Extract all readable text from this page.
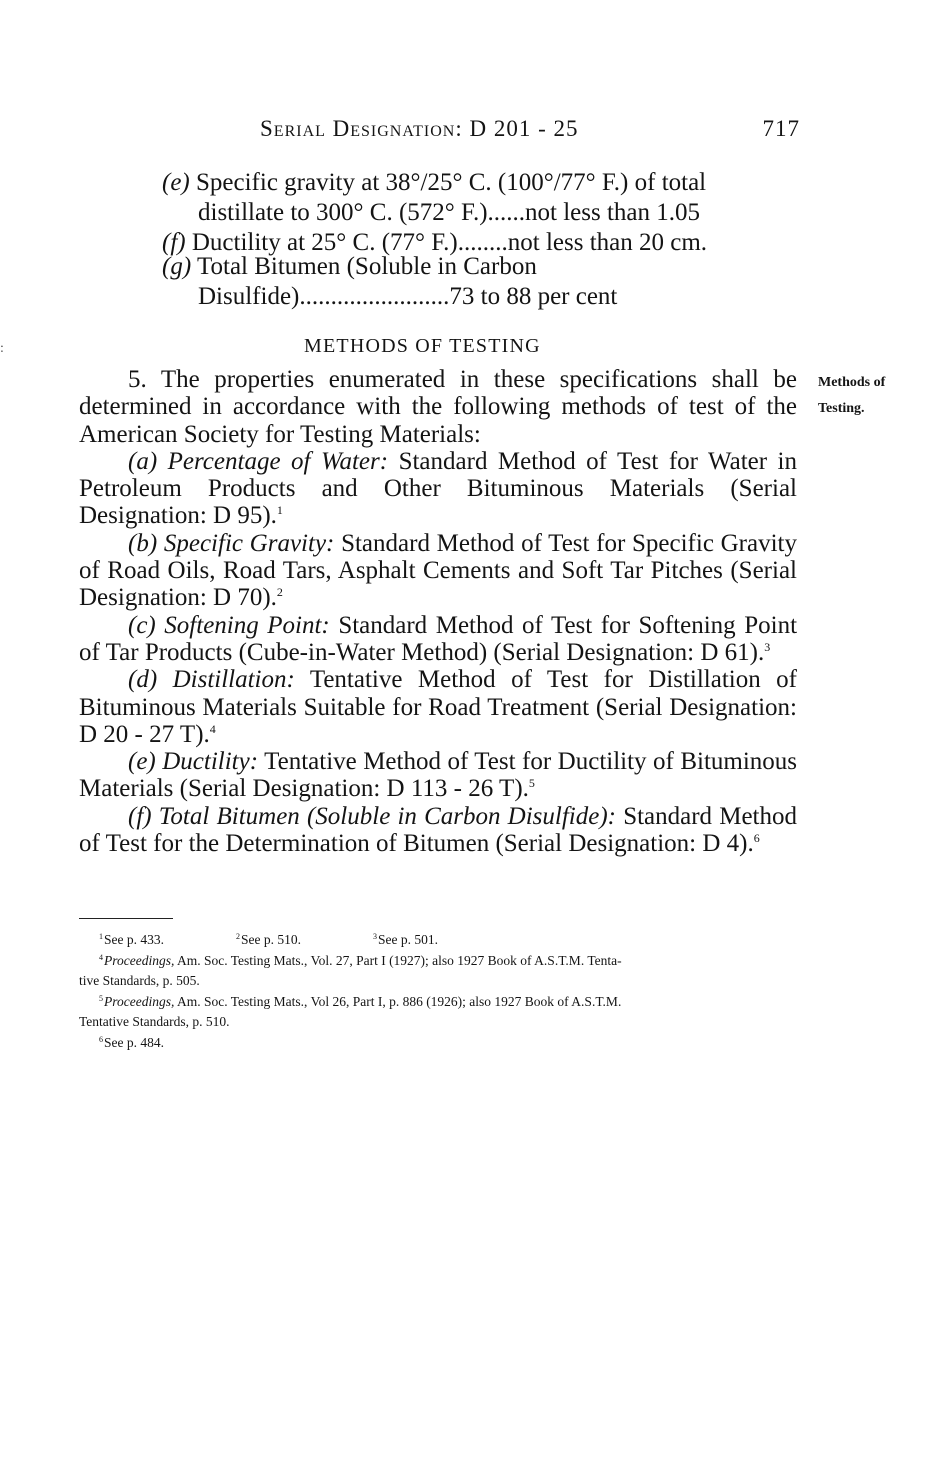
:
Serial Designation: D 201 - 25	717
(e) Specific gravity at 38°/25° C. (100°/77° F.) of total
distillate to 300° C. (572° F.)......not less than 1.05
(f) Ductility at 25° C. (77° F.)........not less than 20 cm.
(g) Total Bitumen (Soluble in Carbon
Disulfide)........................73 to 88 per cent
METHODS OF TESTING
Methods of Testing.

5. The properties enumerated in these specifications shall be determined in accordance with the following methods of test of the American Society for Testing Materials:

(a) Percentage of Water: Standard Method of Test for Water in Petroleum Products and Other Bituminous Materials (Serial Designation: D 95).$^1$

(b) Specific Gravity: Standard Method of Test for Specific Gravity of Road Oils, Road Tars, Asphalt Cements and Soft Tar Pitches (Serial Designation: D 70).$^2$

(c) Softening Point: Standard Method of Test for Softening Point of Tar Products (Cube-in-Water Method) (Serial Designation: D 61).$^3$

(d) Distillation: Tentative Method of Test for Distillation of Bituminous Materials Suitable for Road Treatment (Serial Designation: D 20 - 27 T).$^4$

(e) Ductility: Tentative Method of Test for Ductility of Bituminous Materials (Serial Designation: D 113 - 26 T).$^5$

(f) Total Bitumen (Soluble in Carbon Disulfide): Standard Method of Test for the Determination of Bitumen (Serial Designation: D 4).$^6$

$^1$See p. 433.	$^2$See p. 510.	$^3$See p. 501.
$^4$Proceedings, Am. Soc. Testing Mats., Vol. 27, Part I (1927); also 1927 Book of A.S.T.M. Tenta-
tive Standards, p. 505.
$^5$Proceedings, Am. Soc. Testing Mats., Vol 26, Part I, p. 886 (1926); also 1927 Book of A.S.T.M.
Tentative Standards, p. 510.
$^6$See p. 484.
